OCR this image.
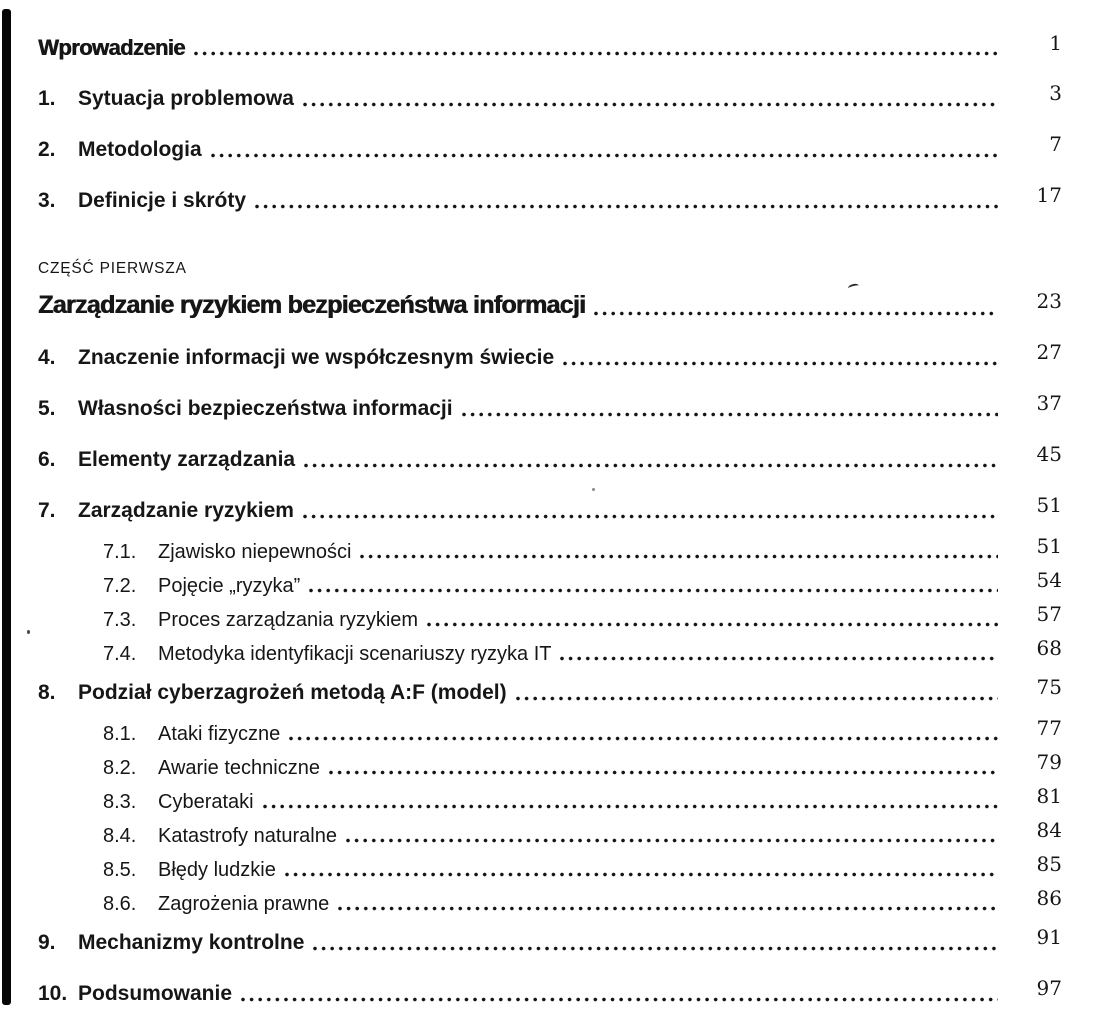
Wprowadzenie	1
1.	Sytuacja problemowa	3
2.	Metodologia	7
3.	Definicje i skróty	17
CZĘŚĆ PIERWSZA
Zarządzanie ryzykiem bezpieczeństwa informacji	23
4.	Znaczenie informacji we współczesnym świecie	27
5.	Własności bezpieczeństwa informacji	37
6.	Elementy zarządzania	45
7.	Zarządzanie ryzykiem	51
7.1.	Zjawisko niepewności	51
7.2.	Pojęcie „ryzyka”	54
7.3.	Proces zarządzania ryzykiem	57
7.4.	Metodyka identyfikacji scenariuszy ryzyka IT	68
8.	Podział cyberzagrożeń metodą A:F (model)	75
8.1.	Ataki fizyczne	77
8.2.	Awarie techniczne	79
8.3.	Cyberataki	81
8.4.	Katastrofy naturalne	84
8.5.	Błędy ludzkie	85
8.6.	Zagrożenia prawne	86
9.	Mechanizmy kontrolne	91
10. Podsumowanie	97
